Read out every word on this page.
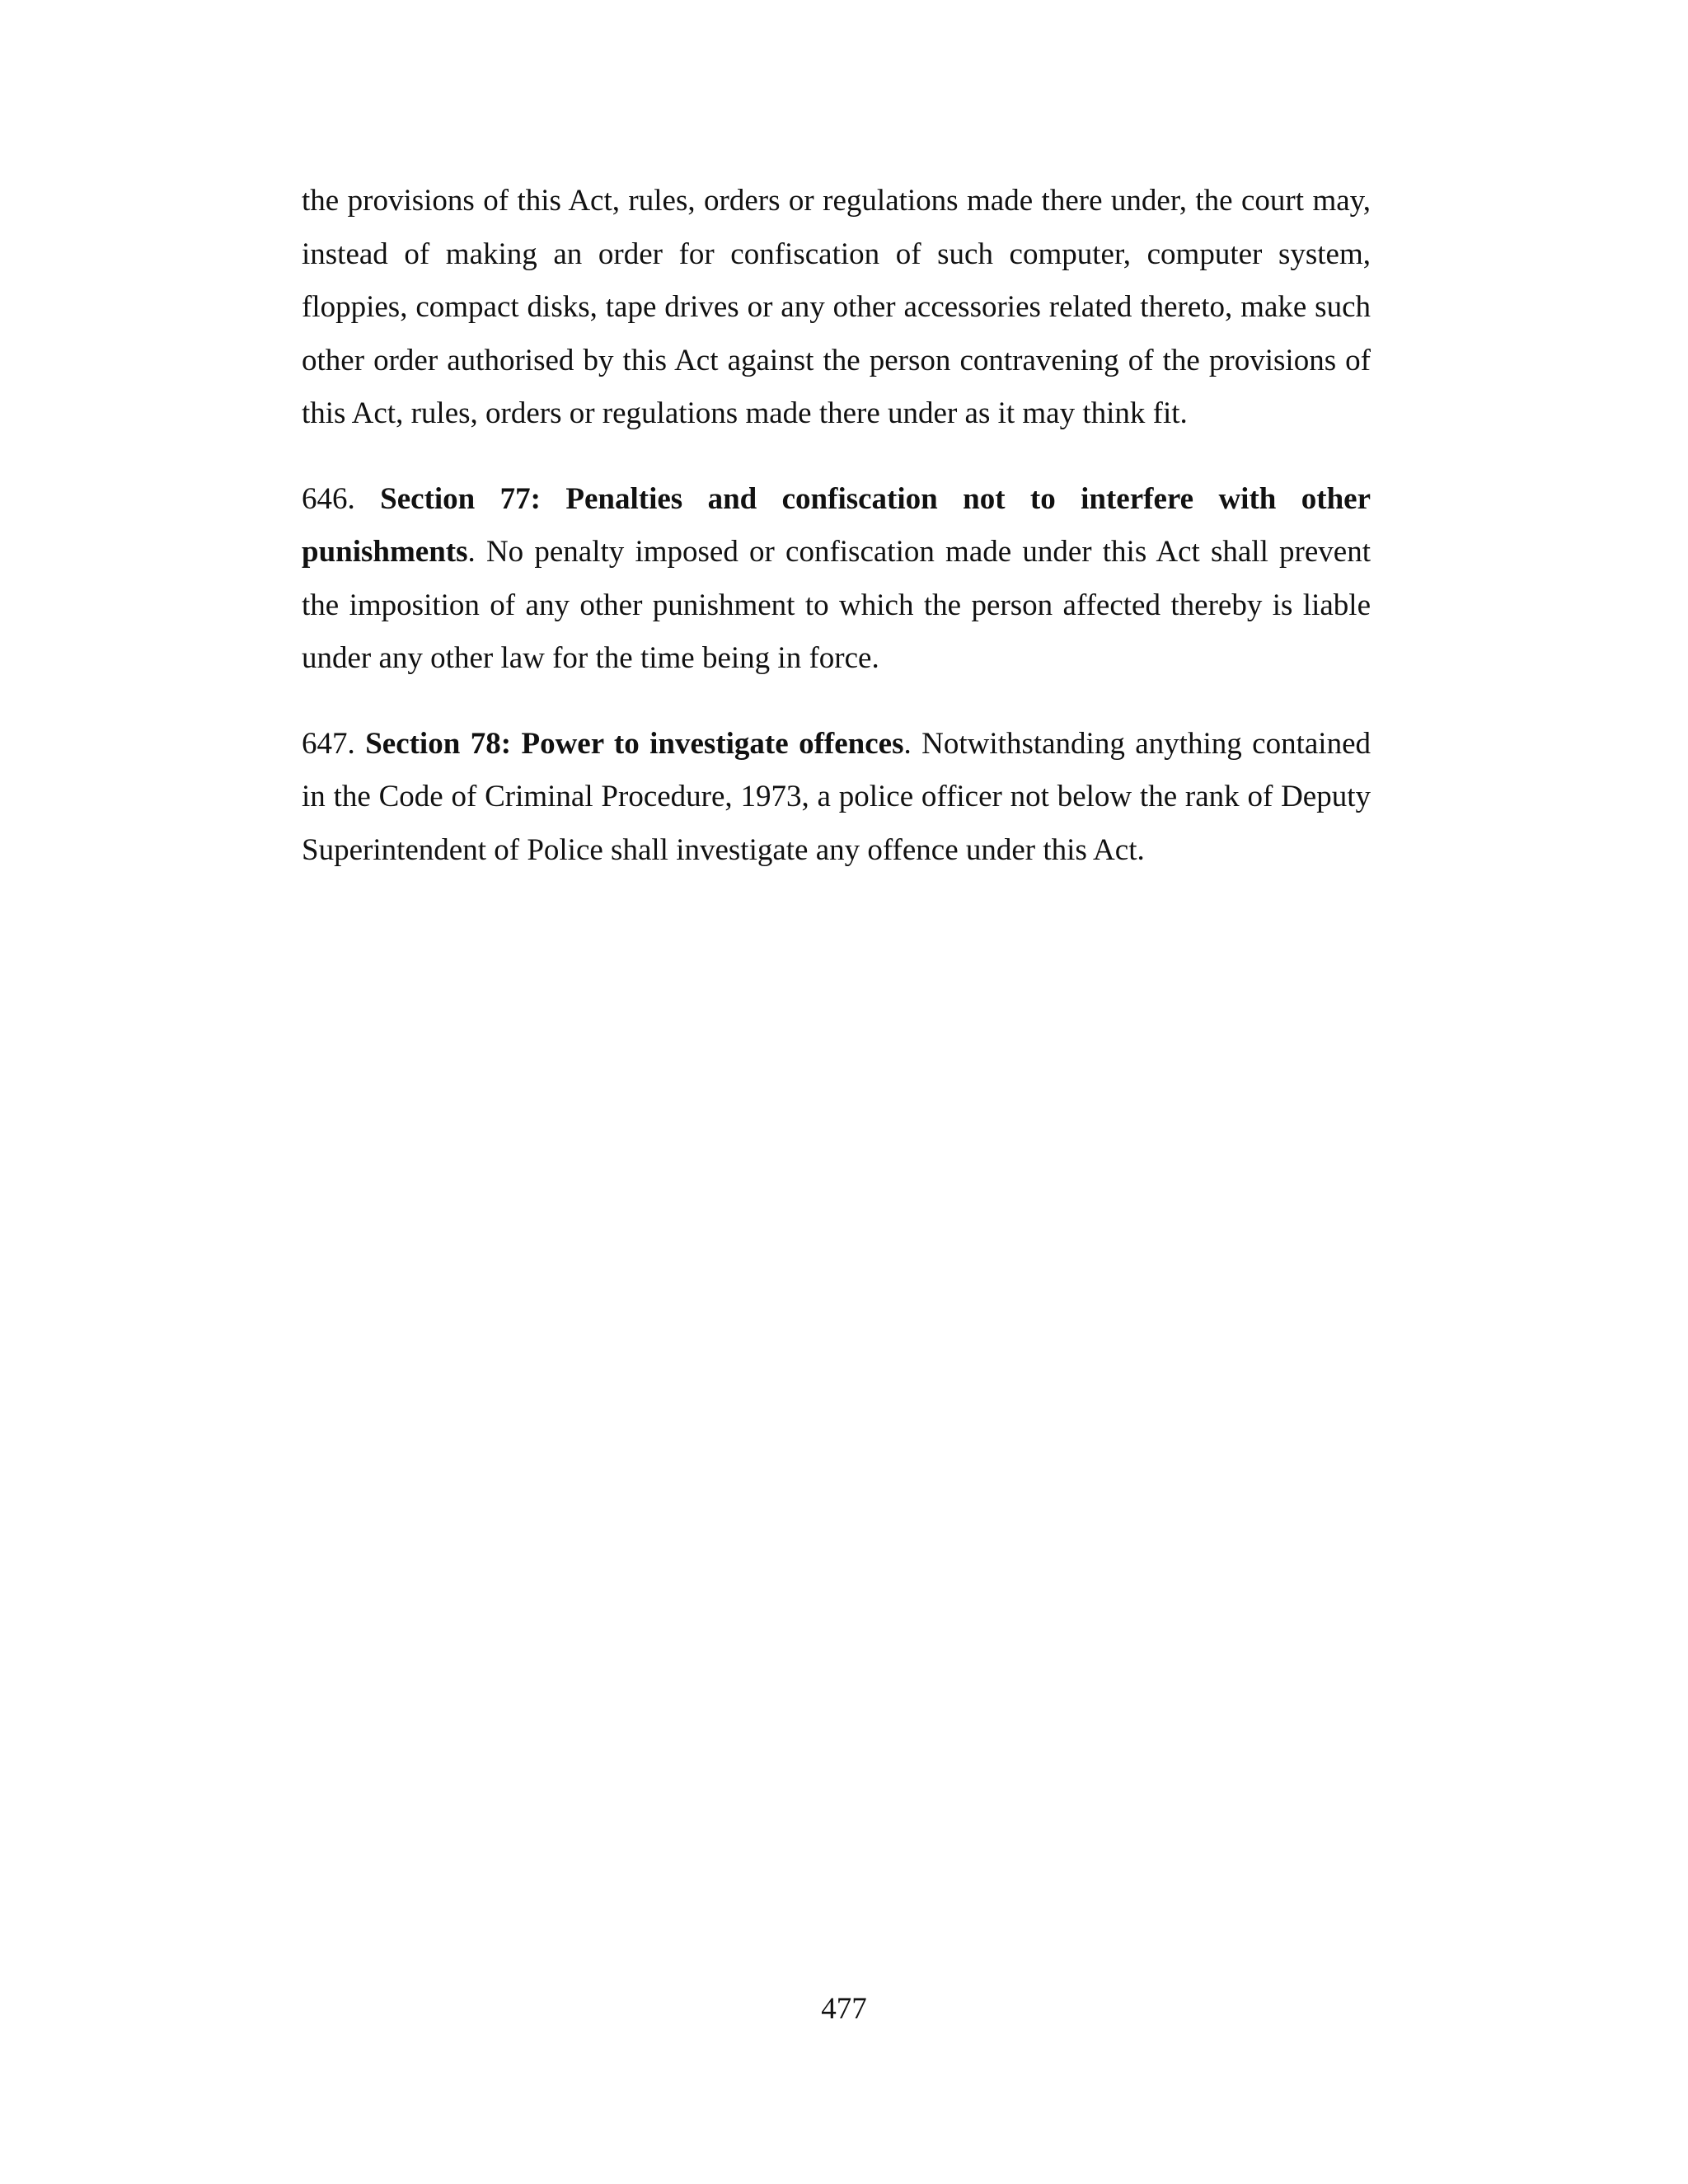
the provisions of this Act, rules, orders or regulations made there under, the court may, instead of making an order for confiscation of such computer, computer system, floppies, compact disks, tape drives or any other accessories related thereto, make such other order authorised by this Act against the person contravening of the provisions of this Act, rules, orders or regulations made there under as it may think fit.

646. Section 77: Penalties and confiscation not to interfere with other punishments. No penalty imposed or confiscation made under this Act shall prevent the imposition of any other punishment to which the person affected thereby is liable under any other law for the time being in force.

647. Section 78: Power to investigate offences. Notwithstanding anything contained in the Code of Criminal Procedure, 1973, a police officer not below the rank of Deputy Superintendent of Police shall investigate any offence under this Act.

477
